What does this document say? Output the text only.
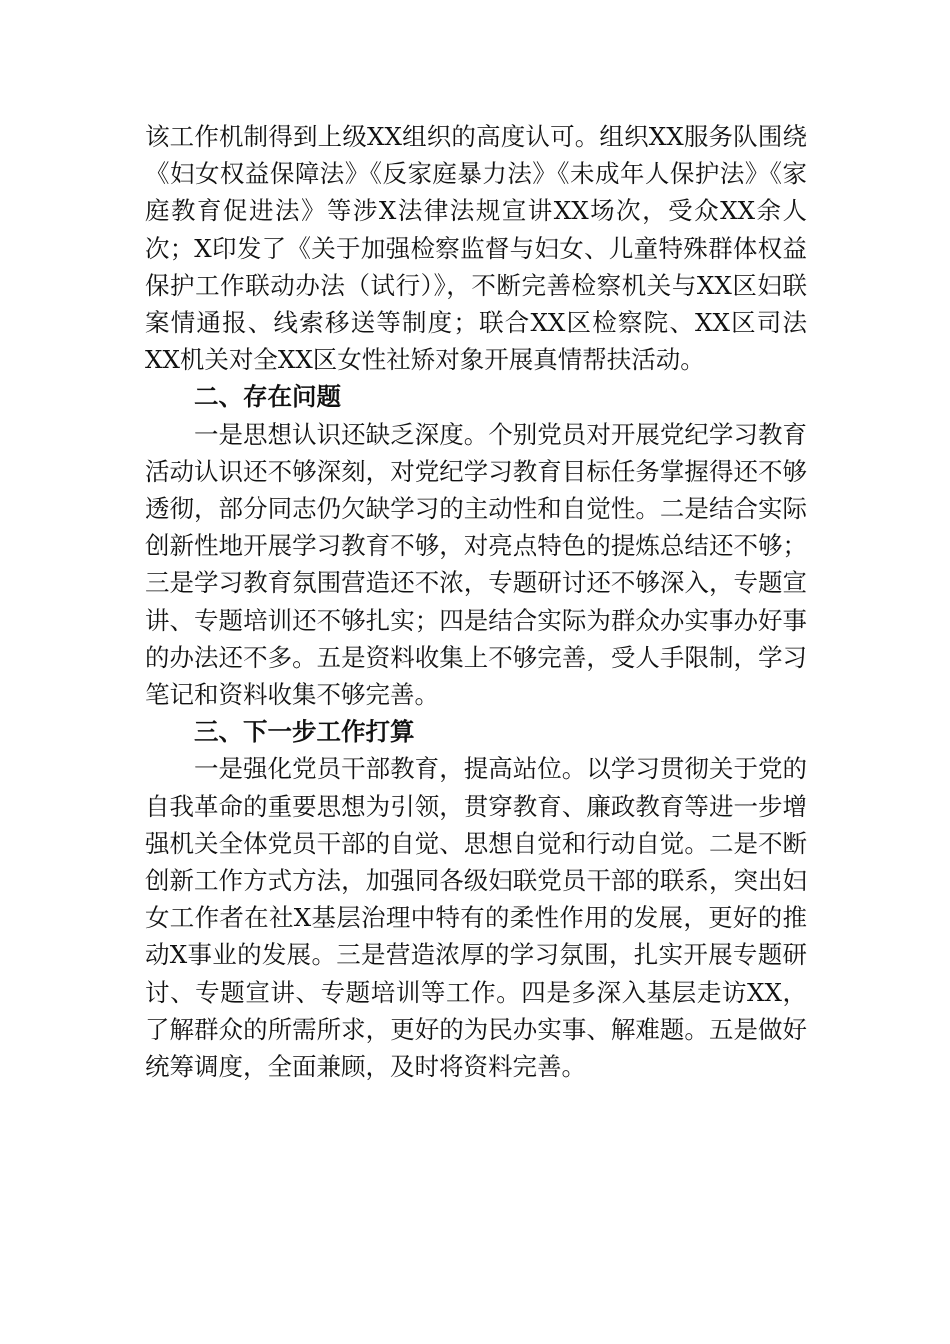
该工作机制得到上级XX组织的高度认可。组织XX服务队围绕《妇女权益保障法》《反家庭暴力法》《未成年人保护法》《家庭教育促进法》等涉X法律法规宣讲XX场次，受众XX余人次；X印发了《关于加强检察监督与妇女、儿童特殊群体权益保护工作联动办法（试行）》，不断完善检察机关与XX区妇联案情通报、线索移送等制度；联合XX区检察院、XX区司法XX机关对全XX区女性社矫对象开展真情帮扶活动。

二、存在问题

一是思想认识还缺乏深度。个别党员对开展党纪学习教育活动认识还不够深刻，对党纪学习教育目标任务掌握得还不够透彻，部分同志仍欠缺学习的主动性和自觉性。二是结合实际创新性地开展学习教育不够，对亮点特色的提炼总结还不够；三是学习教育氛围营造还不浓，专题研讨还不够深入，专题宣讲、专题培训还不够扎实；四是结合实际为群众办实事办好事的办法还不多。五是资料收集上不够完善，受人手限制，学习笔记和资料收集不够完善。

三、下一步工作打算

一是强化党员干部教育，提高站位。以学习贯彻关于党的自我革命的重要思想为引领，贯穿教育、廉政教育等进一步增强机关全体党员干部的自觉、思想自觉和行动自觉。二是不断创新工作方式方法，加强同各级妇联党员干部的联系，突出妇女工作者在社X基层治理中特有的柔性作用的发展，更好的推动X事业的发展。三是营造浓厚的学习氛围，扎实开展专题研讨、专题宣讲、专题培训等工作。四是多深入基层走访XX，了解群众的所需所求，更好的为民办实事、解难题。五是做好统筹调度，全面兼顾，及时将资料完善。
